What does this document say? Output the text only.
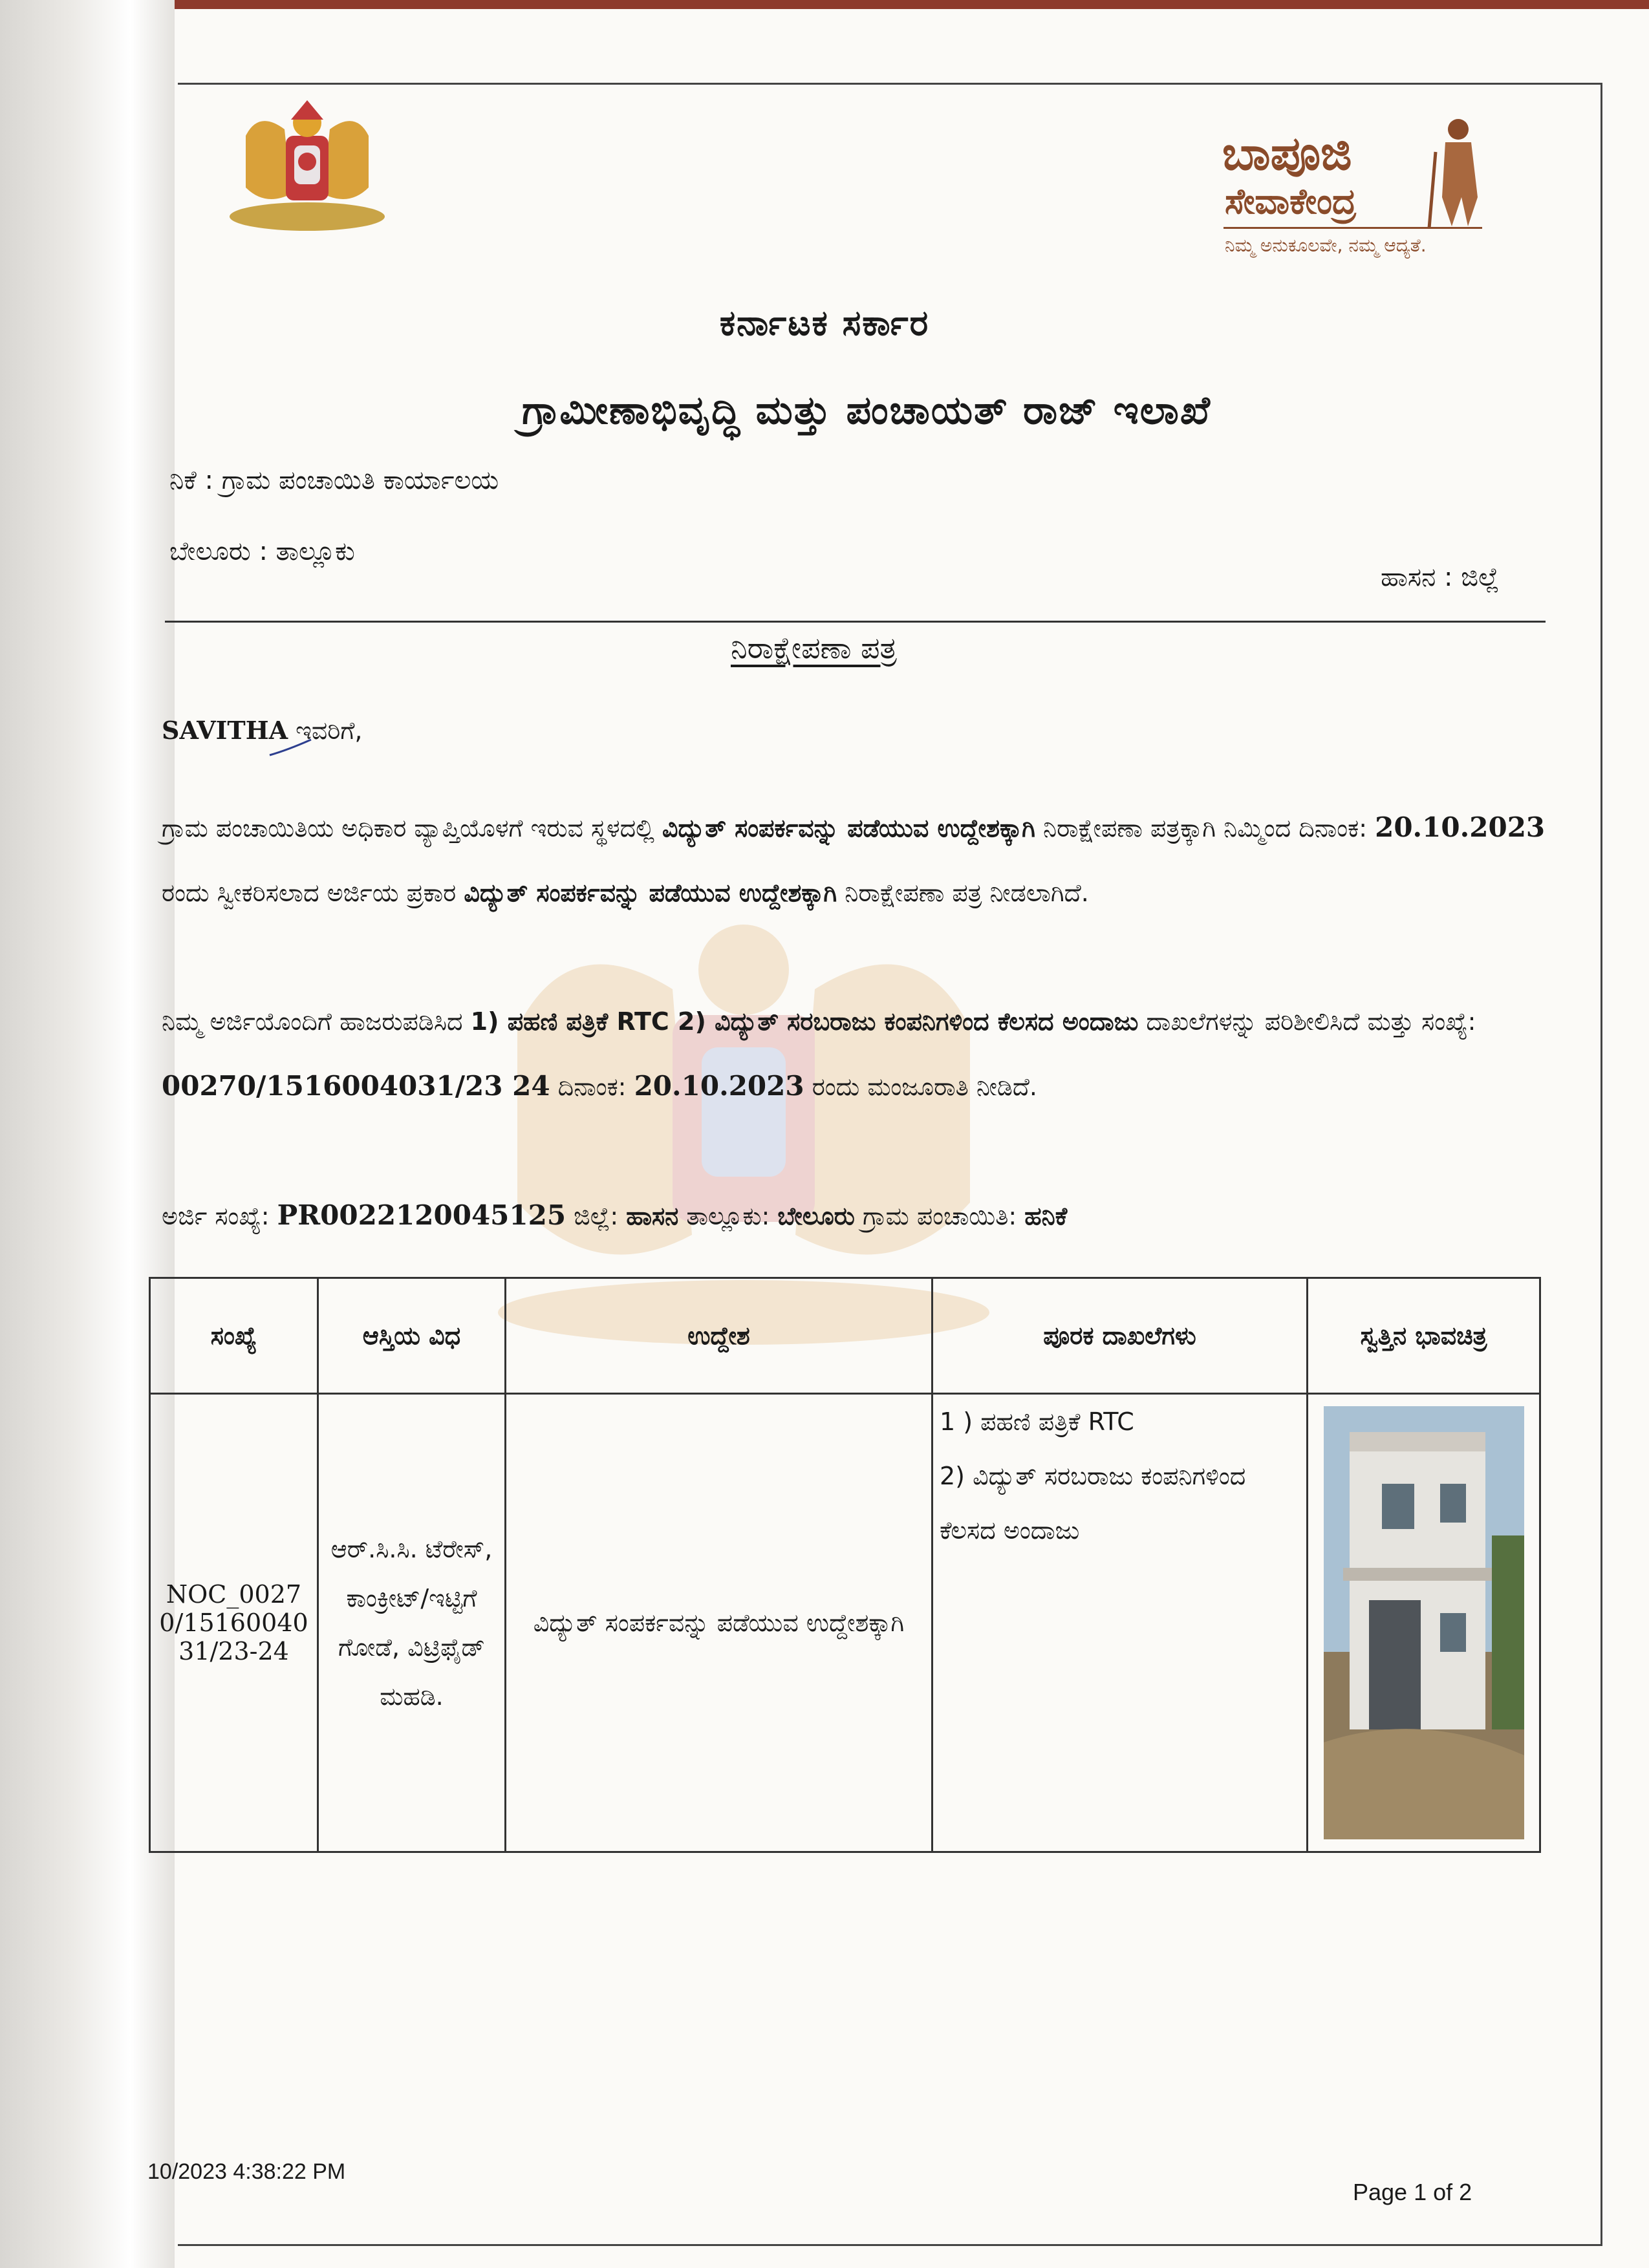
ಬಾಪೂಜಿ
ಸೇವಾಕೇಂದ್ರ
ನಿಮ್ಮ ಅನುಕೂಲವೇ, ನಮ್ಮ ಆದ್ಯತೆ.
ಕರ್ನಾಟಕ ಸರ್ಕಾರ
ಗ್ರಾಮೀಣಾಭಿವೃದ್ಧಿ ಮತ್ತು ಪಂಚಾಯತ್ ರಾಜ್ ಇಲಾಖೆ
ನಿಕೆ : ಗ್ರಾಮ ಪಂಚಾಯಿತಿ ಕಾರ್ಯಾಲಯ
ಬೇಲೂರು : ತಾಲ್ಲೂಕು
ಹಾಸನ : ಜಿಲ್ಲೆ
ನಿರಾಕ್ಷೇಪಣಾ ಪತ್ರ
SAVITHA ಇವರಿಗೆ,
ಗ್ರಾಮ ಪಂಚಾಯಿತಿಯ ಅಧಿಕಾರ ವ್ಯಾಪ್ತಿಯೊಳಗೆ ಇರುವ ಸ್ಥಳದಲ್ಲಿ ವಿದ್ಯುತ್ ಸಂಪರ್ಕವನ್ನು ಪಡೆಯುವ ಉದ್ದೇಶಕ್ಕಾಗಿ ನಿರಾಕ್ಷೇಪಣಾ ಪತ್ರಕ್ಕಾಗಿ ನಿಮ್ಮಿಂದ ದಿನಾಂಕ: 20.10.2023 ರಂದು ಸ್ವೀಕರಿಸಲಾದ ಅರ್ಜಿಯ ಪ್ರಕಾರ ವಿದ್ಯುತ್ ಸಂಪರ್ಕವನ್ನು ಪಡೆಯುವ ಉದ್ದೇಶಕ್ಕಾಗಿ ನಿರಾಕ್ಷೇಪಣಾ ಪತ್ರ ನೀಡಲಾಗಿದೆ.
ನಿಮ್ಮ ಅರ್ಜಿಯೊಂದಿಗೆ ಹಾಜರುಪಡಿಸಿದ 1) ಪಹಣಿ ಪತ್ರಿಕೆ RTC 2) ವಿದ್ಯುತ್ ಸರಬರಾಜು ಕಂಪನಿಗಳಿಂದ ಕೆಲಸದ ಅಂದಾಜು ದಾಖಲೆಗಳನ್ನು ಪರಿಶೀಲಿಸಿದೆ ಮತ್ತು ಸಂಖ್ಯೆ: 00270/1516004031/23 24 ದಿನಾಂಕ: 20.10.2023 ರಂದು ಮಂಜೂರಾತಿ ನೀಡಿದೆ.
ಅರ್ಜಿ ಸಂಖ್ಯೆ: PR0022120045125 ಜಿಲ್ಲೆ: ಹಾಸನ ತಾಲ್ಲೂಕು: ಬೇಲೂರು ಗ್ರಾಮ ಪಂಚಾಯಿತಿ: ಹನಿಕೆ
ಸಂಖ್ಯೆ	ಆಸ್ತಿಯ ವಿಧ	ಉದ್ದೇಶ	ಪೂರಕ ದಾಖಲೆಗಳು	ಸ್ವತ್ತಿನ ಭಾವಚಿತ್ರ
NOC_00270/1516004031/23-24	ಆರ್.ಸಿ.ಸಿ. ಟೆರೇಸ್, ಕಾಂಕ್ರೀಟ್/ಇಟ್ಟಿಗೆ ಗೋಡೆ, ವಿಟ್ರಿಫೈಡ್ ಮಹಡಿ.	ವಿದ್ಯುತ್ ಸಂಪರ್ಕವನ್ನು ಪಡೆಯುವ ಉದ್ದೇಶಕ್ಕಾಗಿ	1 ) ಪಹಣಿ ಪತ್ರಿಕೆ RTC
2) ವಿದ್ಯುತ್ ಸರಬರಾಜು ಕಂಪನಿಗಳಿಂದ ಕೆಲಸದ ಅಂದಾಜು

10/2023 4:38:22 PM
Page 1 of 2
